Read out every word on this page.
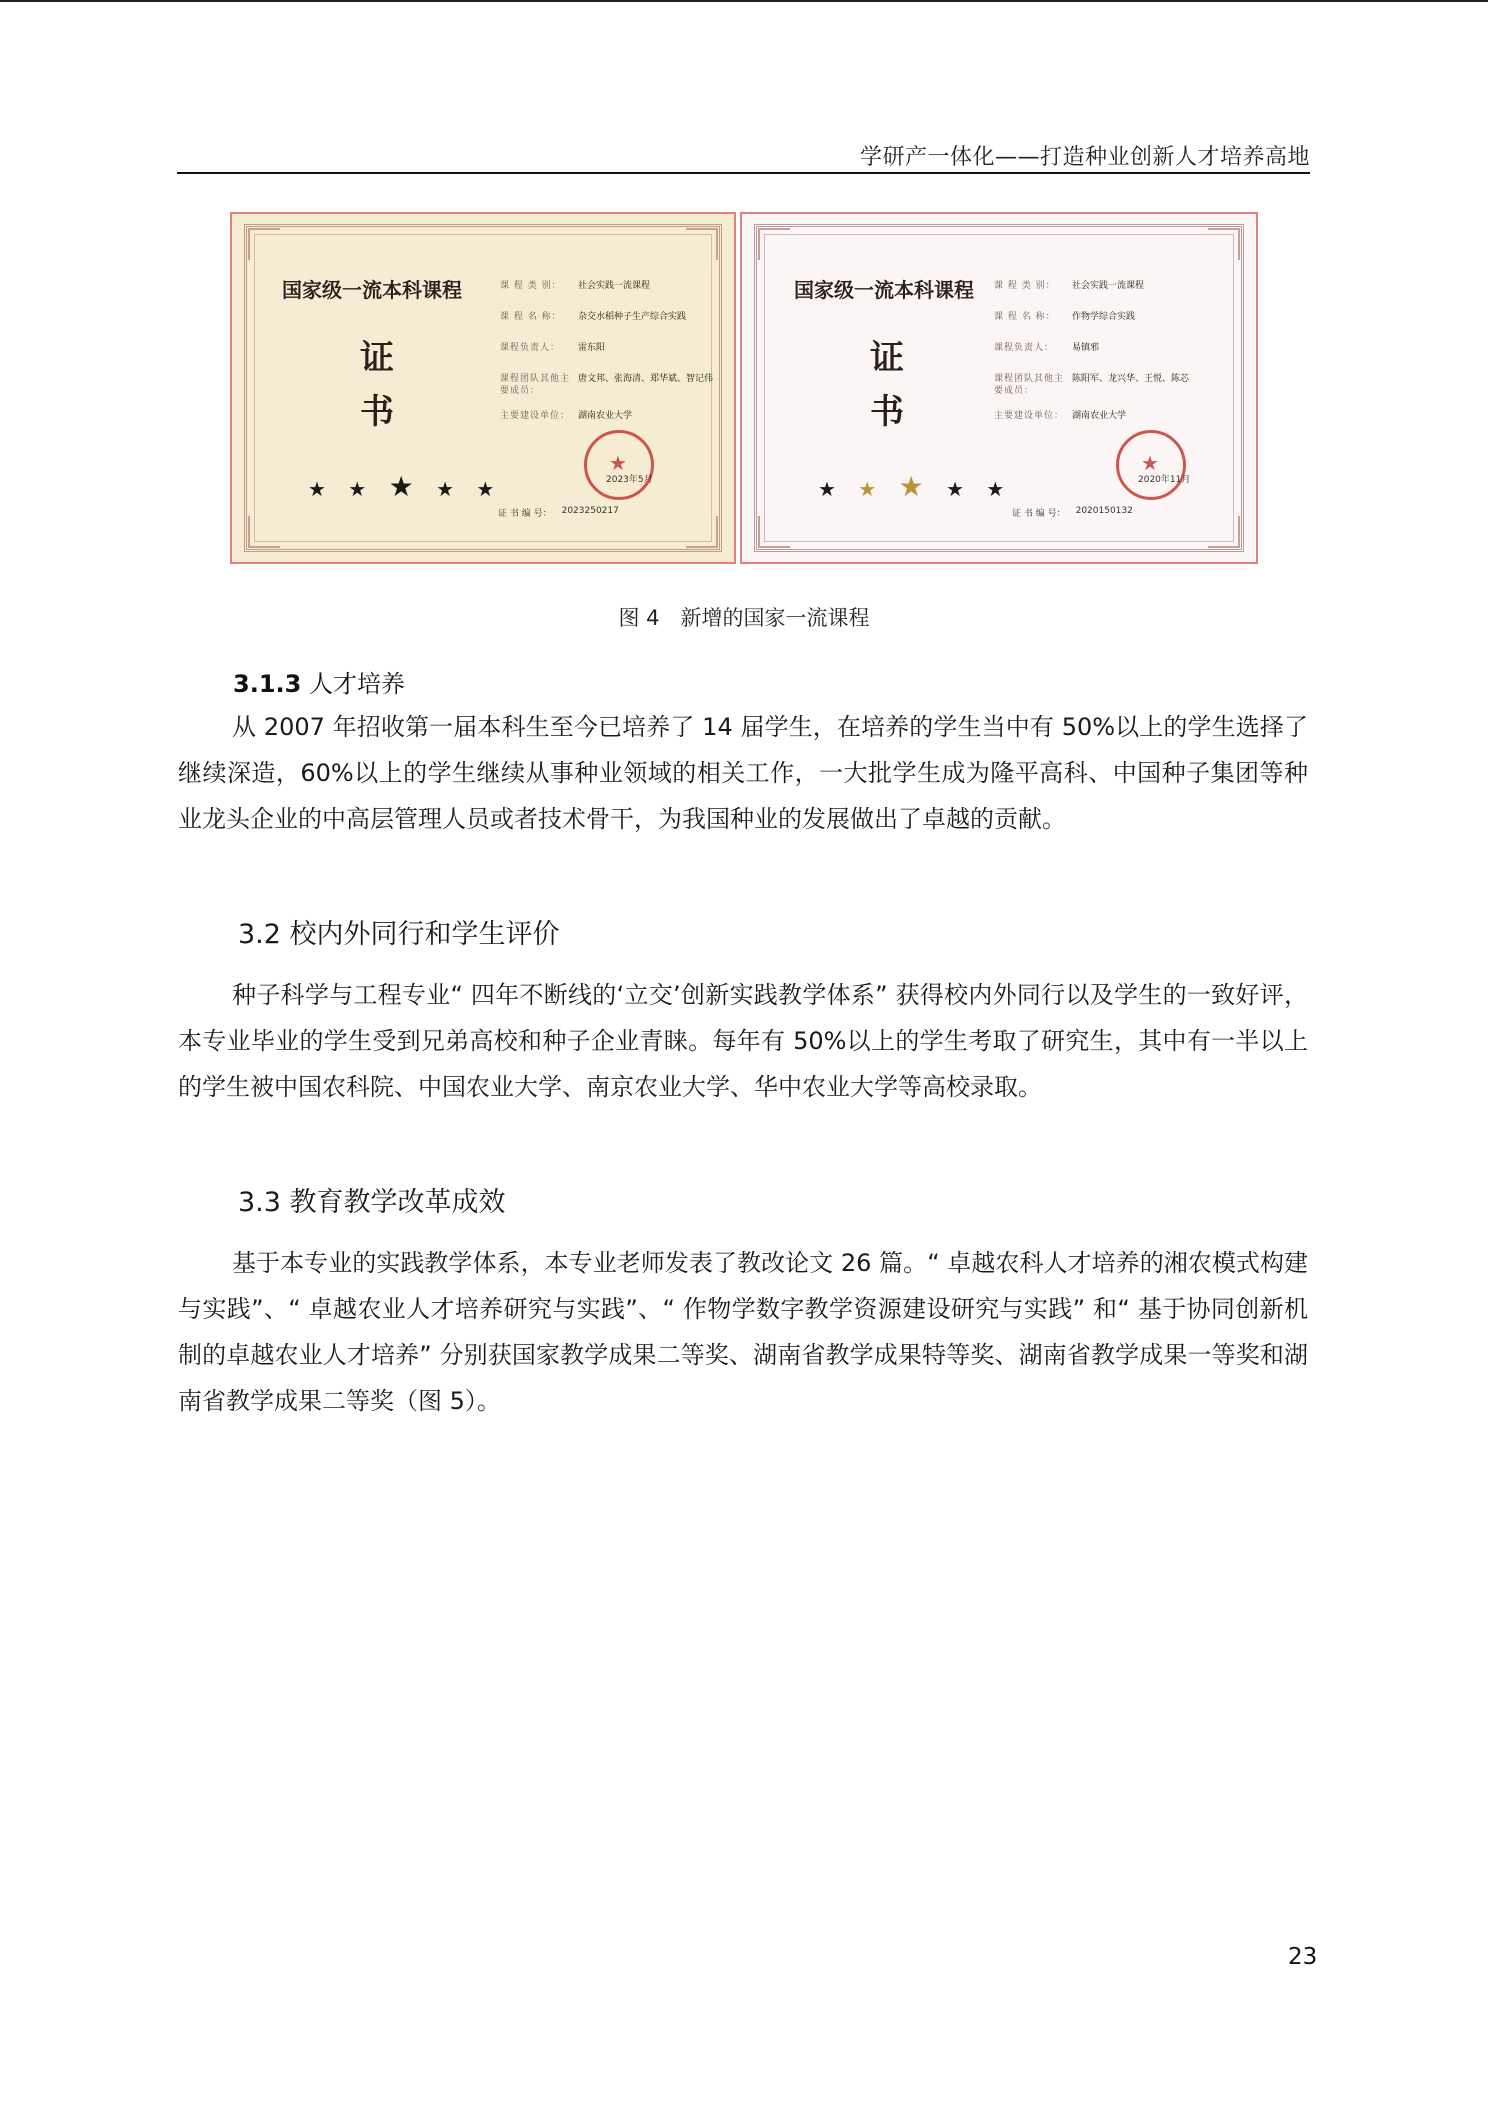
学研产一体化——打造种业创新人才培养高地
国家级一流本科课程
证
书
课 程 类 别：	社会实践一流课程
课 程 名 称：	杂交水稻种子生产综合实践
课程负责人：	雷东阳
课程团队其他主要成员：
唐文邦、张海清、郑华斌、智记伟
主要建设单位： 湖南农业大学
★ ★ ★ ★ ★ ★	2023年5月
证 书 编 号： 2023250217
国家级一流本科课程
证
书
课 程 类 别：	社会实践一流课程
课 程 名 称：	作物学综合实践
课程负责人：	易镇邪
课程团队其他主要成员：
陈阳军、龙兴华、王悦、陈芯
主要建设单位： 湖南农业大学
★ ★ ★ ★ ★ ★	2020年11月
证 书 编 号： 2020150132
图 4　新增的国家一流课程
3.1.3 人才培养

从 2007 年招收第一届本科生至今已培养了 14 届学生，在培养的学生当中有 50%以上的学生选择了继续深造，60%以上的学生继续从事种业领域的相关工作，一大批学生成为隆平高科、中国种子集团等种业龙头企业的中高层管理人员或者技术骨干，为我国种业的发展做出了卓越的贡献。

3.2 校内外同行和学生评价

种子科学与工程专业“ 四年不断线的‘立交’创新实践教学体系” 获得校内外同行以及学生的一致好评，本专业毕业的学生受到兄弟高校和种子企业青睐。每年有 50%以上的学生考取了研究生，其中有一半以上的学生被中国农科院、中国农业大学、南京农业大学、华中农业大学等高校录取。

3.3 教育教学改革成效

基于本专业的实践教学体系，本专业老师发表了教改论文 26 篇。“ 卓越农科人才培养的湘农模式构建与实践”、“ 卓越农业人才培养研究与实践”、“ 作物学数字教学资源建设研究与实践” 和“ 基于协同创新机制的卓越农业人才培养” 分别获国家教学成果二等奖、湖南省教学成果特等奖、湖南省教学成果一等奖和湖南省教学成果二等奖（图 5）。

23
